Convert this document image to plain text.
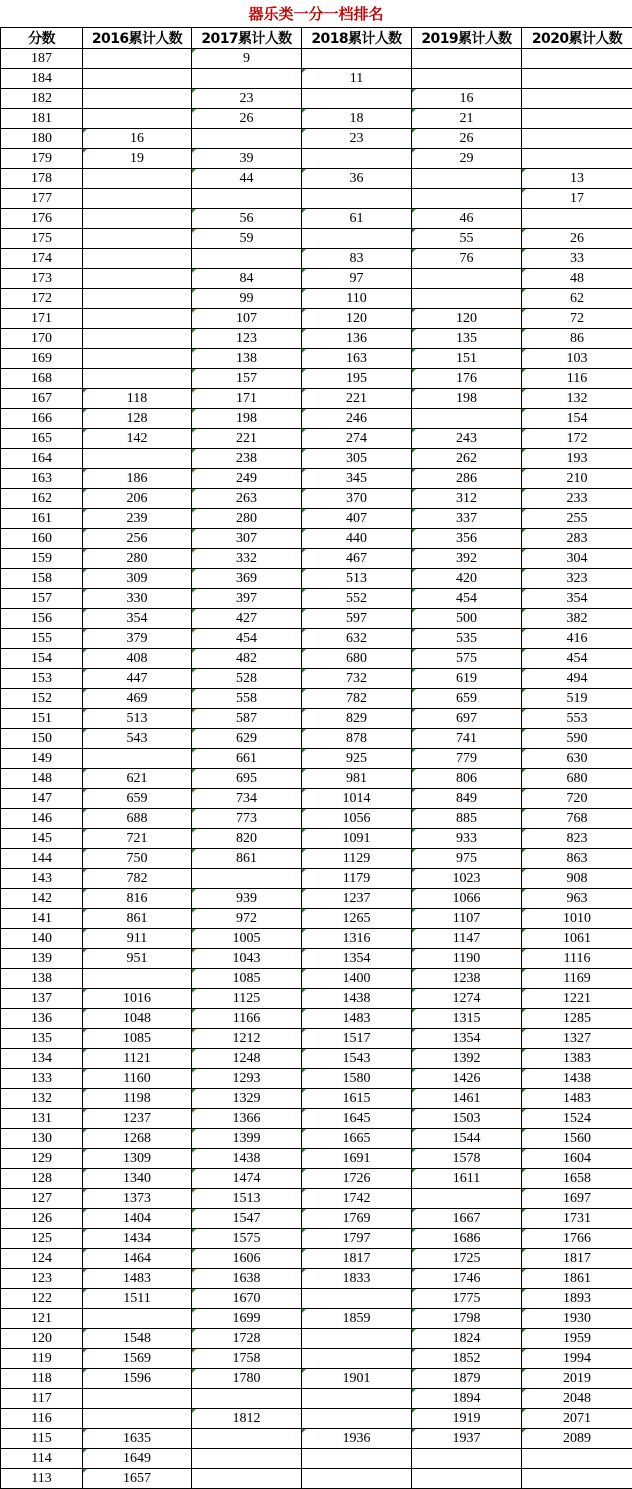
器乐类一分一档排名
分数	2016累计人数	2017累计人数	2018累计人数	2019累计人数	2020累计人数
187		9			
184			11		
182		23		16	
181		26	18	21	
180	16		23	26	
179	19	39		29	
178		44	36		13
177					17
176		56	61	46	
175		59		55	26
174			83	76	33
173		84	97		48
172		99	110		62
171		107	120	120	72
170		123	136	135	86
169		138	163	151	103
168		157	195	176	116
167	118	171	221	198	132
166	128	198	246		154
165	142	221	274	243	172
164		238	305	262	193
163	186	249	345	286	210
162	206	263	370	312	233
161	239	280	407	337	255
160	256	307	440	356	283
159	280	332	467	392	304
158	309	369	513	420	323
157	330	397	552	454	354
156	354	427	597	500	382
155	379	454	632	535	416
154	408	482	680	575	454
153	447	528	732	619	494
152	469	558	782	659	519
151	513	587	829	697	553
150	543	629	878	741	590
149		661	925	779	630
148	621	695	981	806	680
147	659	734	1014	849	720
146	688	773	1056	885	768
145	721	820	1091	933	823
144	750	861	1129	975	863
143	782		1179	1023	908
142	816	939	1237	1066	963
141	861	972	1265	1107	1010
140	911	1005	1316	1147	1061
139	951	1043	1354	1190	1116
138		1085	1400	1238	1169
137	1016	1125	1438	1274	1221
136	1048	1166	1483	1315	1285
135	1085	1212	1517	1354	1327
134	1121	1248	1543	1392	1383
133	1160	1293	1580	1426	1438
132	1198	1329	1615	1461	1483
131	1237	1366	1645	1503	1524
130	1268	1399	1665	1544	1560
129	1309	1438	1691	1578	1604
128	1340	1474	1726	1611	1658
127	1373	1513	1742		1697
126	1404	1547	1769	1667	1731
125	1434	1575	1797	1686	1766
124	1464	1606	1817	1725	1817
123	1483	1638	1833	1746	1861
122	1511	1670		1775	1893
121		1699	1859	1798	1930
120	1548	1728		1824	1959
119	1569	1758		1852	1994
118	1596	1780	1901	1879	2019
117				1894	2048
116		1812		1919	2071
115	1635		1936	1937	2089
114	1649				
113	1657				
